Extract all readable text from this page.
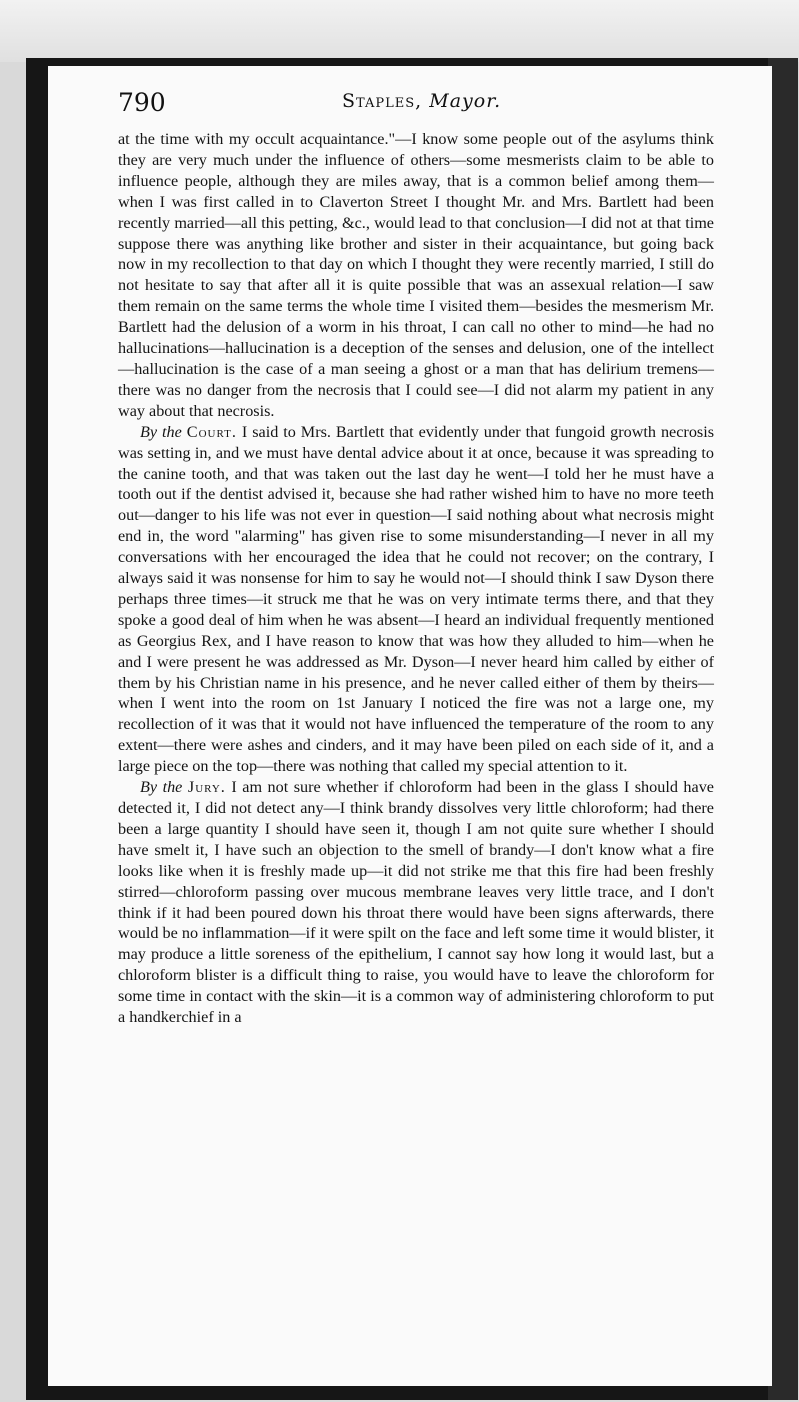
790	Staples, Mayor.

at the time with my occult acquaintance."—I know some people out of the asylums think they are very much under the influence of others—some mesmerists claim to be able to influence people, although they are miles away, that is a common belief among them—when I was first called in to Claverton Street I thought Mr. and Mrs. Bartlett had been recently married—all this petting, &c., would lead to that conclusion—I did not at that time suppose there was anything like brother and sister in their acquaintance, but going back now in my recollection to that day on which I thought they were recently married, I still do not hesitate to say that after all it is quite possible that was an assexual relation—I saw them remain on the same terms the whole time I visited them—besides the mesmerism Mr. Bartlett had the delusion of a worm in his throat, I can call no other to mind—he had no hallucinations—hallucination is a deception of the senses and delusion, one of the intellect—hallucination is the case of a man seeing a ghost or a man that has delirium tremens—there was no danger from the necrosis that I could see—I did not alarm my patient in any way about that necrosis.

By the Court. I said to Mrs. Bartlett that evidently under that fungoid growth necrosis was setting in, and we must have dental advice about it at once, because it was spreading to the canine tooth, and that was taken out the last day he went—I told her he must have a tooth out if the dentist advised it, because she had rather wished him to have no more teeth out—danger to his life was not ever in question—I said nothing about what necrosis might end in, the word "alarming" has given rise to some misunderstanding—I never in all my conversations with her encouraged the idea that he could not recover; on the contrary, I always said it was nonsense for him to say he would not—I should think I saw Dyson there perhaps three times—it struck me that he was on very intimate terms there, and that they spoke a good deal of him when he was absent—I heard an individual frequently mentioned as Georgius Rex, and I have reason to know that was how they alluded to him—when he and I were present he was addressed as Mr. Dyson—I never heard him called by either of them by his Christian name in his presence, and he never called either of them by theirs—when I went into the room on 1st January I noticed the fire was not a large one, my recollection of it was that it would not have influenced the temperature of the room to any extent—there were ashes and cinders, and it may have been piled on each side of it, and a large piece on the top—there was nothing that called my special attention to it.

By the Jury. I am not sure whether if chloroform had been in the glass I should have detected it, I did not detect any—I think brandy dissolves very little chloroform; had there been a large quantity I should have seen it, though I am not quite sure whether I should have smelt it, I have such an objection to the smell of brandy—I don't know what a fire looks like when it is freshly made up—it did not strike me that this fire had been freshly stirred—chloroform passing over mucous membrane leaves very little trace, and I don't think if it had been poured down his throat there would have been signs afterwards, there would be no inflammation—if it were spilt on the face and left some time it would blister, it may produce a little soreness of the epithelium, I cannot say how long it would last, but a chloroform blister is a difficult thing to raise, you would have to leave the chloroform for some time in contact with the skin—it is a common way of administering chloroform to put a handkerchief in a
